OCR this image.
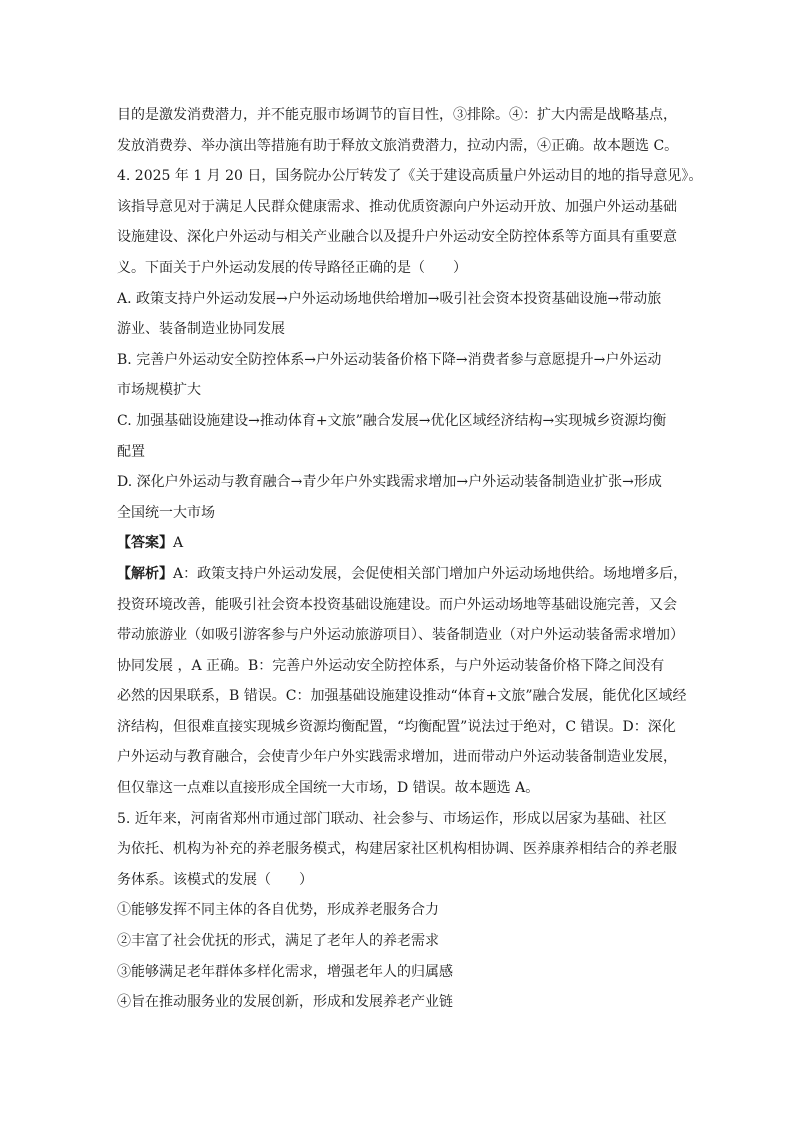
目的是激发消费潜力，并不能克服市场调节的盲目性，③排除。④：扩大内需是战略基点，
发放消费券、举办演出等措施有助于释放文旅消费潜力，拉动内需，④正确。故本题选 C。
4. 2025 年 1 月 20 日，国务院办公厅转发了《关于建设高质量户外运动目的地的指导意见》。
该指导意见对于满足人民群众健康需求、推动优质资源向户外运动开放、加强户外运动基础
设施建设、深化户外运动与相关产业融合以及提升户外运动安全防控体系等方面具有重要意
义。下面关于户外运动发展的传导路径正确的是（　　）
A. 政策支持户外运动发展→户外运动场地供给增加→吸引社会资本投资基础设施→带动旅
游业、装备制造业协同发展
B. 完善户外运动安全防控体系→户外运动装备价格下降→消费者参与意愿提升→户外运动
市场规模扩大
C. 加强基础设施建设→推动体育+文旅”融合发展→优化区域经济结构→实现城乡资源均衡
配置
D. 深化户外运动与教育融合→青少年户外实践需求增加→户外运动装备制造业扩张→形成
全国统一大市场
【答案】A
【解析】A：政策支持户外运动发展，会促使相关部门增加户外运动场地供给。场地增多后，
投资环境改善，能吸引社会资本投资基础设施建设。而户外运动场地等基础设施完善，又会
带动旅游业（如吸引游客参与户外运动旅游项目）、装备制造业（对户外运动装备需求增加）
协同发展 ，A 正确。B：完善户外运动安全防控体系，与户外运动装备价格下降之间没有
必然的因果联系，B 错误。C：加强基础设施建设推动“体育+文旅”融合发展，能优化区域经
济结构，但很难直接实现城乡资源均衡配置，“均衡配置”说法过于绝对，C 错误。D：深化
户外运动与教育融合，会使青少年户外实践需求增加，进而带动户外运动装备制造业发展，
但仅靠这一点难以直接形成全国统一大市场，D 错误。故本题选 A。
5. 近年来，河南省郑州市通过部门联动、社会参与、市场运作，形成以居家为基础、社区
为依托、机构为补充的养老服务模式，构建居家社区机构相协调、医养康养相结合的养老服
务体系。该模式的发展（　　）
①能够发挥不同主体的各自优势，形成养老服务合力
②丰富了社会优抚的形式，满足了老年人的养老需求
③能够满足老年群体多样化需求，增强老年人的归属感
④旨在推动服务业的发展创新，形成和发展养老产业链
